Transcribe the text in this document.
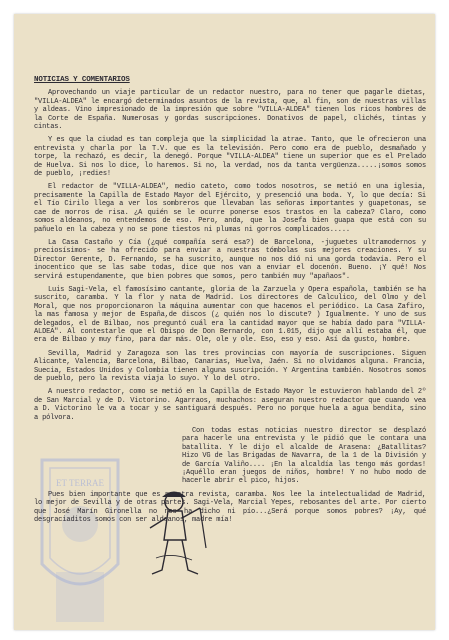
ET TERRAE
NOTICIAS Y COMENTARIOS

Aprovechando un viaje particular de un redactor nuestro, para no tener que pagarle dietas, "VILLA-ALDEA" le encargó determinados asuntos de la revista, que, al fin, son de nuestras villas y aldeas. Vino impresionado de la impresión que sobre "VILLA-ALDEA" tienen los ricos hombres de la Corte de España. Numerosas y gordas suscripciones. Donativos de papel, clichés, tintas y cintas.

Y es que la ciudad es tan compleja que la simplicidad la atrae. Tanto, que le ofrecieron una entrevista y charla por la T.V. que es la televisión. Pero como era de pueblo, desmañado y torpe, la rechazó, es decir, la denegó. Porque "VILLA-ALDEA" tiene un superior que es el Prelado de Huelva. Si nos lo dice, lo haremos. Si no, la verdad, nos da tanta vergüenza.....¡somos somos de pueblo, ¡redies!

El redactor de "VILLA-ALDEA", medio cateto, como todos nosotros, se metió en una iglesia, precisamente la Capilla de Estado Mayor del Ejército, y presenció una boda. Y, lo que decía: Si el Tío Cirilo llega a ver los sombreros que llevaban las señoras importantes y guapetonas, se cae de morros de risa. ¿A quién se le ocurre ponerse esos trastos en la cabeza? Claro, como somos aldeanos, no entendemos de eso. Pero, anda, que la Josefa bien guapa que está con su pañuelo en la cabeza y no se pone tiestos ni plumas ni gorros complicados.....

La Casa Castaño y Cía (¿qué compañía será esa?) de Barcelona, -juguetes ultramodernos y preciosísimos- se ha ofrecido para enviar a nuestras tómbolas sus mejores creaciones. Y su Director Gerente, D. Fernando, se ha suscrito, aunque no nos dió ni una gorda todavía. Pero el inocentico que se las sabe todas, dice que nos van a enviar el docenón. Bueno. ¡Y qué! Nos servirá estupendamente, que bien pobres que somos, pero también muy "apañaos".

Luis Sagi-Vela, el famosísimo cantante, gloria de la Zarzuela y Opera española, también se ha suscrito, caramba. Y la flor y nata de Madrid. Los directores de Calculico, del Olmo y del Moral, que nos proporcionaron la máquina aumentar con que hacemos el periódico. La Casa Zafiro, la mas famosa y mejor de España,de discos (¿ quién nos lo discute? ) Igualmente. Y uno de sus delegados, el de Bilbao, nos preguntó cuál era la cantidad mayor que se había dado para "VILLA-ALDEA". Al contestarle que el Obispo de Don Bernardo, con 1.015, dijo que allí estaba él, que era de Bilbao y muy fino, para dar más. Ole, ole y ole. Eso, eso y eso. Así da gusto, hombre.

Sevilla, Madrid y Zaragoza son las tres provincias con mayoría de suscripciones. Siguen Alicante, Valencia, Barcelona, Bilbao, Canarias, Huelva, Jaén. Si no olvidamos alguna. Francia, Suecia, Estados Unidos y Colombia tienen alguna suscripción. Y Argentina también. Nosotros somos de pueblo, pero la revista viaja lo suyo. Y lo del otro.

A nuestro redactor, como se metió en la Capilla de Estado Mayor le estuvieron hablando del 2º de San Marcial y de D. Victorino. Agarraos, muchachos: aseguran nuestro redactor que cuando vea a D. Victorino le va a tocar y se santiguará después. Pero no porque huela a agua bendita, sino a pólvora.

Con todas estas noticias nuestro director se desplazó para hacerle una entrevista y le pidió que le contara una batallita. Y le dijo el alcalde de Arasena: ¿Batallitas? Hizo VG de las Brigadas de Navarra, de la 1 de la División y de García Valiño.... ¡En la alcaldía las tengo más gordas! ¡Aquéllo eran juegos de niños, hombre! Y no hubo modo de hacerle abrir el pico, hijos.

Pues bien importante que es nuestra revista, caramba. Nos lee la intelectualidad de Madrid, lo mejor de Sevilla y de otras partes. Sagi-Vela, Marcial Yepes, rebosantes del arte. Por cierto que José Marín Gironella no nos ha dicho ni pío...¿Será porque somos pobres? ¡Ay, qué desgraciaditos somos con ser aldeanos, madre mía!
